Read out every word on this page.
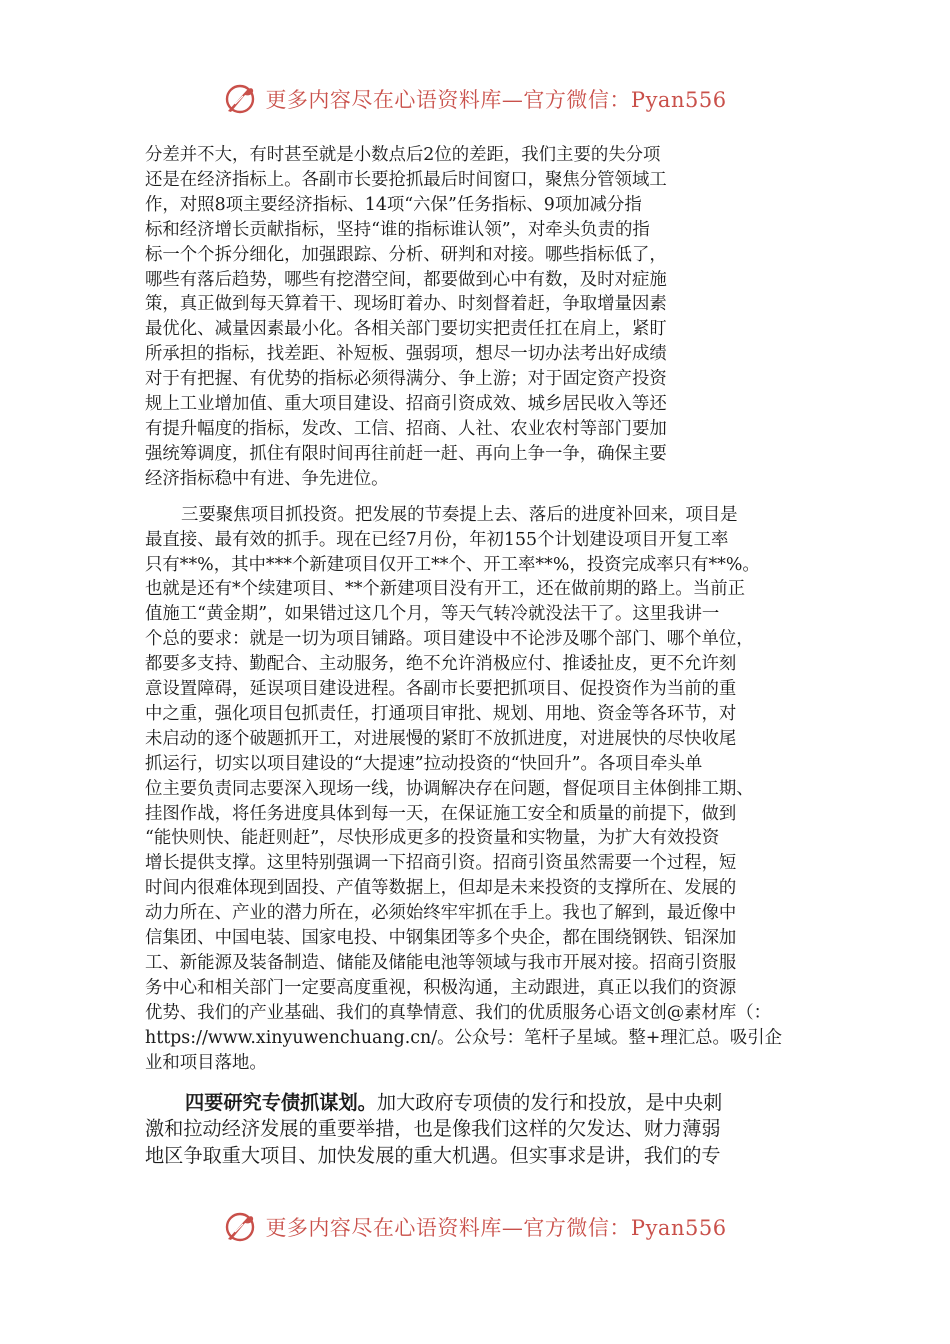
更多内容尽在心语资料库—官方微信：Pyan556

分差并不大，有时甚至就是小数点后2位的差距，我们主要的失分项
还是在经济指标上。各副市长要抢抓最后时间窗口，聚焦分管领域工
作，对照8项主要经济指标、14项“六保”任务指标、9项加减分指
标和经济增长贡献指标，坚持“谁的指标谁认领”，对牵头负责的指
标一个个拆分细化，加强跟踪、分析、研判和对接。哪些指标低了，
哪些有落后趋势，哪些有挖潜空间，都要做到心中有数，及时对症施
策，真正做到每天算着干、现场盯着办、时刻督着赶，争取增量因素
最优化、减量因素最小化。各相关部门要切实把责任扛在肩上，紧盯
所承担的指标，找差距、补短板、强弱项，想尽一切办法考出好成绩
对于有把握、有优势的指标必须得满分、争上游；对于固定资产投资
规上工业增加值、重大项目建设、招商引资成效、城乡居民收入等还
有提升幅度的指标，发改、工信、招商、人社、农业农村等部门要加
强统筹调度，抓住有限时间再往前赶一赶、再向上争一争，确保主要
经济指标稳中有进、争先进位。

三要聚焦项目抓投资。把发展的节奏提上去、落后的进度补回来，项目是
最直接、最有效的抓手。现在已经7月份，年初155个计划建设项目开复工率
只有**%，其中***个新建项目仅开工**个、开工率**%，投资完成率只有**%。
也就是还有*个续建项目、**个新建项目没有开工，还在做前期的路上。当前正
值施工“黄金期”，如果错过这几个月，等天气转冷就没法干了。这里我讲一
个总的要求：就是一切为项目铺路。项目建设中不论涉及哪个部门、哪个单位，
都要多支持、勤配合、主动服务，绝不允许消极应付、推诿扯皮，更不允许刻
意设置障碍，延误项目建设进程。各副市长要把抓项目、促投资作为当前的重
中之重，强化项目包抓责任，打通项目审批、规划、用地、资金等各环节，对
未启动的逐个破题抓开工，对进展慢的紧盯不放抓进度，对进展快的尽快收尾
抓运行，切实以项目建设的“大提速”拉动投资的“快回升”。各项目牵头单
位主要负责同志要深入现场一线，协调解决存在问题，督促项目主体倒排工期、
挂图作战，将任务进度具体到每一天，在保证施工安全和质量的前提下，做到
“能快则快、能赶则赶”，尽快形成更多的投资量和实物量，为扩大有效投资
增长提供支撑。这里特别强调一下招商引资。招商引资虽然需要一个过程，短
时间内很难体现到固投、产值等数据上，但却是未来投资的支撑所在、发展的
动力所在、产业的潜力所在，必须始终牢牢抓在手上。我也了解到，最近像中
信集团、中国电装、国家电投、中钢集团等多个央企，都在围绕钢铁、铝深加
工、新能源及装备制造、储能及储能电池等领域与我市开展对接。招商引资服
务中心和相关部门一定要高度重视，积极沟通，主动跟进，真正以我们的资源
优势、我们的产业基础、我们的真挚情意、我们的优质服务心语文创@素材库（：
https://www.xinyuwenchuang.cn/。公众号：笔杆子星域。整+理汇总。吸引企
业和项目落地。

四要研究专债抓谋划。加大政府专项债的发行和投放，是中央刺
激和拉动经济发展的重要举措，也是像我们这样的欠发达、财力薄弱
地区争取重大项目、加快发展的重大机遇。但实事求是讲，我们的专

更多内容尽在心语资料库—官方微信：Pyan556
